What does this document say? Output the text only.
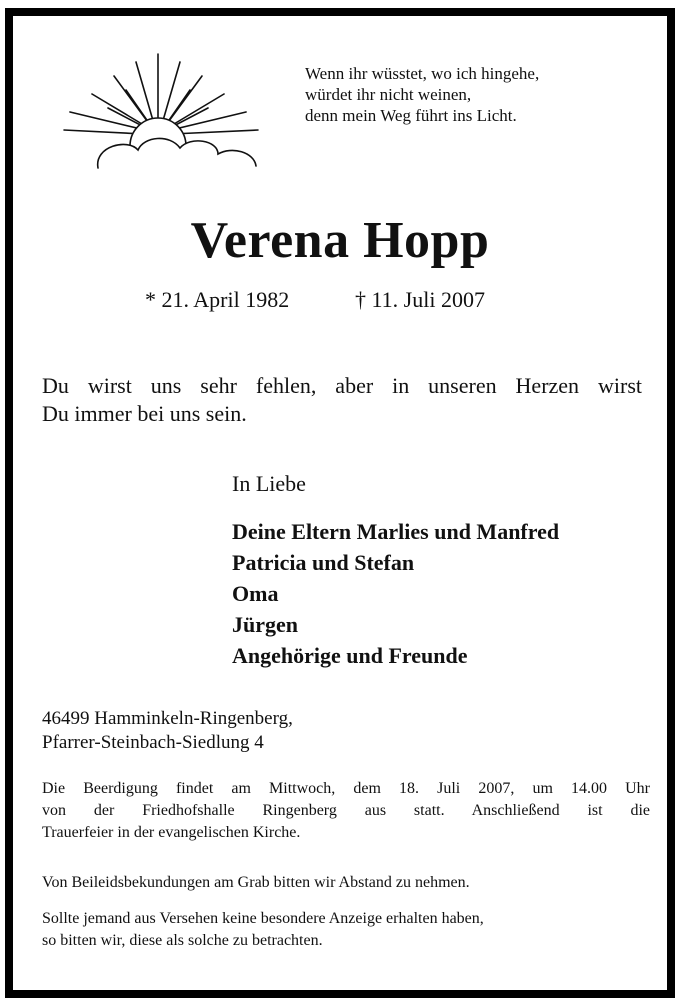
Wenn ihr wüsstet, wo ich hingehe,
würdet ihr nicht weinen,
denn mein Weg führt ins Licht.
Verena Hopp
* 21. April 1982	† 11. Juli 2007
Du wirst uns sehr fehlen, aber in unseren Herzen wirst
Du immer bei uns sein.
In Liebe
Deine Eltern Marlies und Manfred
Patricia und Stefan
Oma
Jürgen
Angehörige und Freunde
46499 Hamminkeln-Ringenberg,
Pfarrer-Steinbach-Siedlung 4
Die Beerdigung findet am Mittwoch, dem 18. Juli 2007, um 14.00 Uhr
von der Friedhofshalle Ringenberg aus statt. Anschließend ist die
Trauerfeier in der evangelischen Kirche.
Von Beileidsbekundungen am Grab bitten wir Abstand zu nehmen.
Sollte jemand aus Versehen keine besondere Anzeige erhalten haben,
so bitten wir, diese als solche zu betrachten.
